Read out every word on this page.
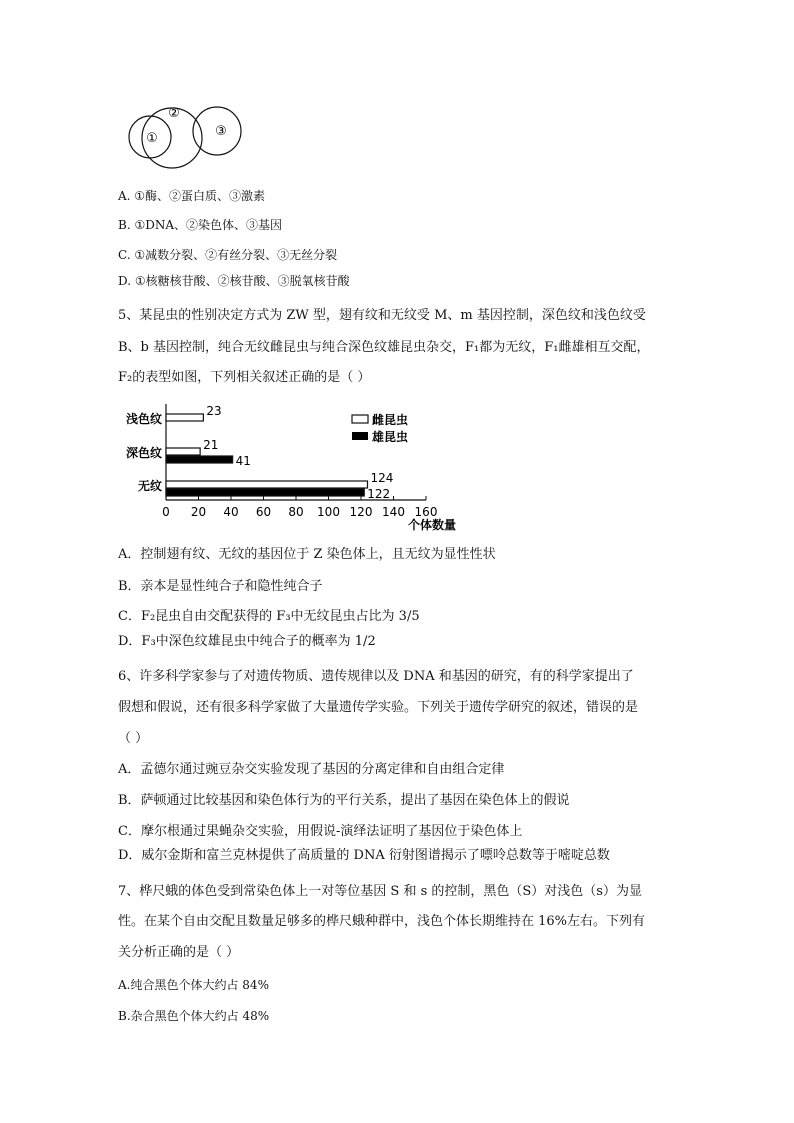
①
②
③
A. ①酶、②蛋白质、③激素
B. ①DNA、②染色体、③基因
C. ①减数分裂、②有丝分裂、③无丝分裂
D. ①核糖核苷酸、②核苷酸、③脱氧核苷酸
5、某昆虫的性别决定方式为 ZW 型，翅有纹和无纹受 M、m 基因控制，深色纹和浅色纹受
B、b 基因控制，纯合无纹雌昆虫与纯合深色纹雄昆虫杂交，F₁都为无纹，F₁雌雄相互交配，
F₂的表型如图，下列相关叙述正确的是（ ）
浅色纹
深色纹
无纹
0 20 40 60 80 100 120 140 160
23
21
41
124
122
个体数量
雌昆虫
雄昆虫
A．控制翅有纹、无纹的基因位于 Z 染色体上，且无纹为显性性状
B．亲本是显性纯合子和隐性纯合子
C．F₂昆虫自由交配获得的 F₃中无纹昆虫占比为 3/5
D．F₃中深色纹雄昆虫中纯合子的概率为 1/2
6、许多科学家参与了对遗传物质、遗传规律以及 DNA 和基因的研究，有的科学家提出了
假想和假说，还有很多科学家做了大量遗传学实验。下列关于遗传学研究的叙述，错误的是
（ ）
A．孟德尔通过豌豆杂交实验发现了基因的分离定律和自由组合定律
B．萨顿通过比较基因和染色体行为的平行关系，提出了基因在染色体上的假说
C．摩尔根通过果蝇杂交实验，用假说-演绎法证明了基因位于染色体上
D．威尔金斯和富兰克林提供了高质量的 DNA 衍射图谱揭示了嘌呤总数等于嘧啶总数
7、桦尺蛾的体色受到常染色体上一对等位基因 S 和 s 的控制，黑色（S）对浅色（s）为显
性。在某个自由交配且数量足够多的桦尺蛾种群中，浅色个体长期维持在 16%左右。下列有
关分析正确的是（ ）
A.纯合黑色个体大约占 84%
B.杂合黑色个体大约占 48%
